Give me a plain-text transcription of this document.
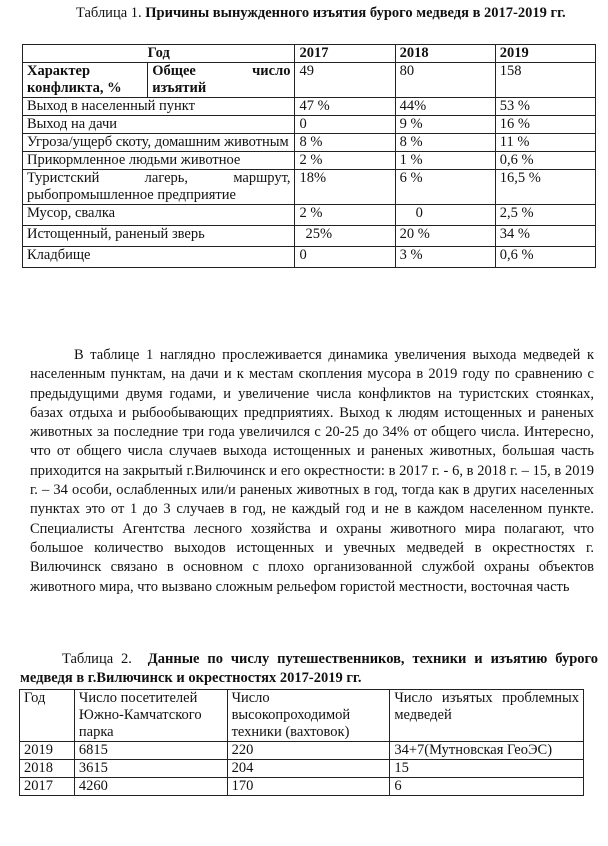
Таблица 1. Причины вынужденного изъятия бурого медведя в 2017-2019 гг.
Год		2017	2018	2019
Характер конфликта, %	Общее число изъятий	49	80	158
Выход в населенный пункт		47 %	44%	53 %
Выход на дачи		0	9 %	16 %
Угроза/ущерб скоту, домашним животным		8 %	8 %	11 %
Прикормленное людьми животное		2 %	1 %	0,6 %
Туристский лагерь, маршрут, рыбопромышленное предприятие		18%	6 %	16,5 %
Мусор, свалка		2 %	0	2,5 %
Истощенный, раненый зверь		25%	20 %	34 %
Кладбище		0	3 %	0,6 %
В таблице 1 наглядно прослеживается динамика увеличения выхода медведей к населенным пунктам, на дачи и к местам скопления мусора в 2019 году по сравнению с предыдущими двумя годами, и увеличение числа конфликтов на туристских стоянках, базах отдыха и рыбообывающих предприятиях. Выход к людям истощенных и раненых животных за последние три года увеличился с 20-25 до 34% от общего числа. Интересно, что от общего числа случаев выхода истощенных и раненых животных, большая часть приходится на закрытый г.Вилючинск и его окрестности: в 2017 г. - 6, в 2018 г. – 15, в 2019 г. – 34 особи, ослабленных или/и раненых животных в год, тогда как в других населенных пунктах это от 1 до 3 случаев в год, не каждый год и не в каждом населенном пункте. Специалисты Агентства лесного хозяйства и охраны животного мира полагают, что большое количество выходов истощенных и увечных медведей в окрестностях г. Вилючинск связано в основном с плохо организованной службой охраны объектов животного мира, что вызвано сложным рельефом гористой местности, восточная часть
Таблица 2. Данные по числу путешественников, техники и изъятию бурого медведя в г.Вилючинск и окрестностях 2017-2019 гг.
Год	Число посетителей Южно-Камчатского парка	Число высокопроходимой техники (вахтовок)	Число изъятых проблемных медведей
2019	6815	220	34+7(Мутновская ГеоЭС)
2018	3615	204	15
2017	4260	170	6
